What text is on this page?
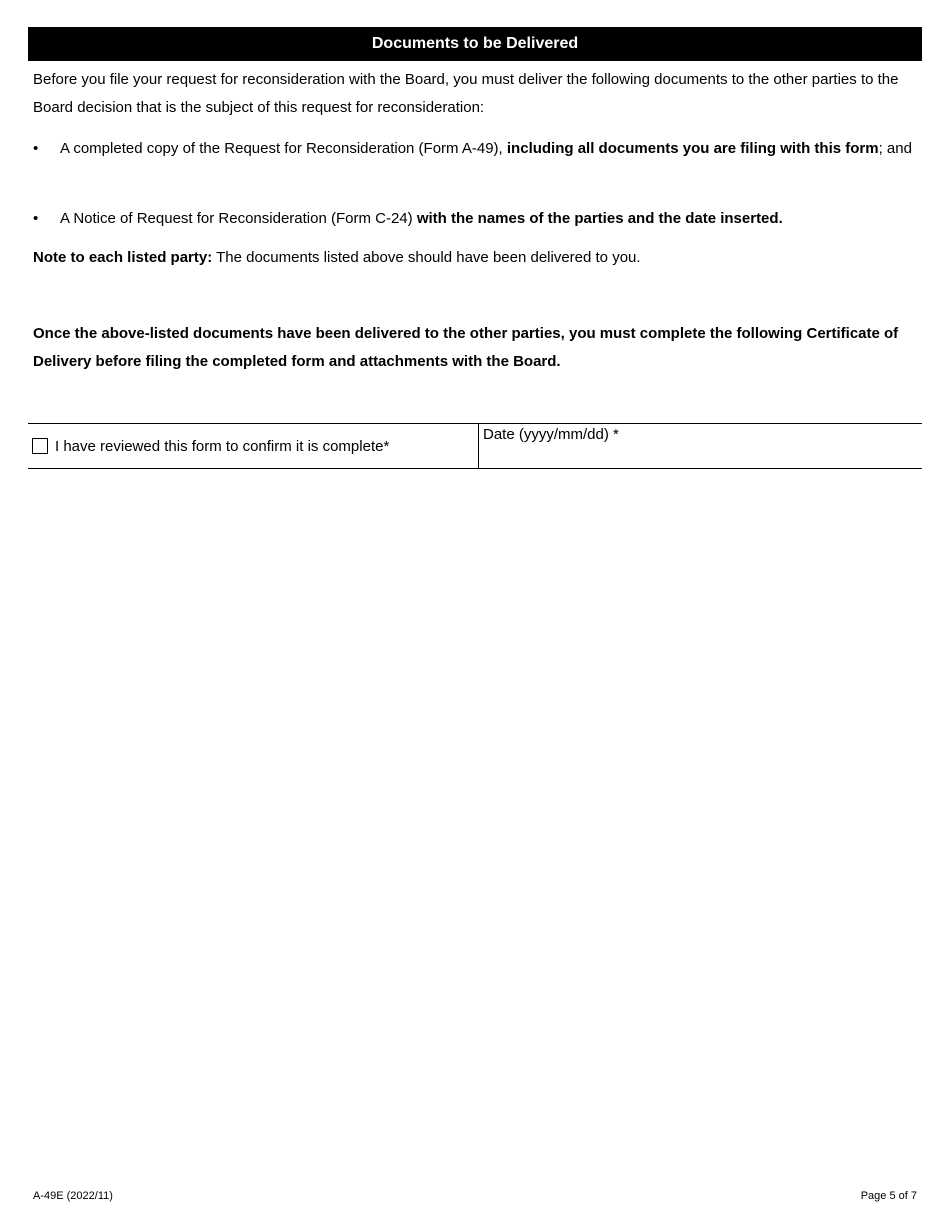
Documents to be Delivered
Before you file your request for reconsideration with the Board, you must deliver the following documents to the other parties to the Board decision that is the subject of this request for reconsideration:
• A completed copy of the Request for Reconsideration (Form A-49), including all documents you are filing with this form; and
• A Notice of Request for Reconsideration (Form C-24) with the names of the parties and the date inserted.
Note to each listed party: The documents listed above should have been delivered to you.
Once the above-listed documents have been delivered to the other parties, you must complete the following Certificate of Delivery before filing the completed form and attachments with the Board.
I have reviewed this form to confirm it is complete *
Date (yyyy/mm/dd) *
A-49E (2022/11)	Page 5 of 7
